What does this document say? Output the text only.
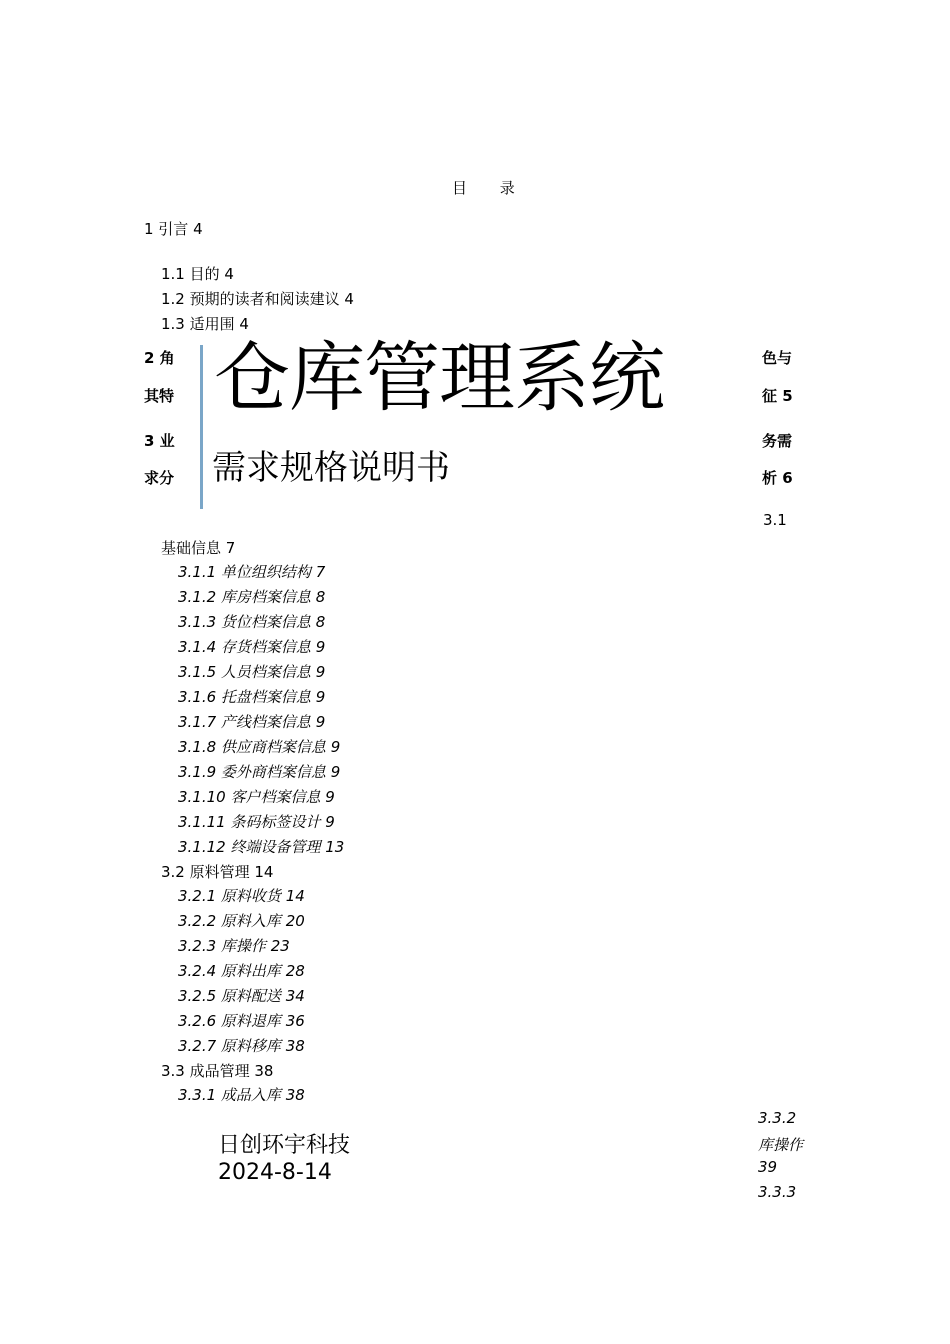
目 录
1 引言 4
1.1 目的 4
1.2 预期的读者和阅读建议 4
1.3 适用围 4
2 角
其特
3 业
求分
色与
征 5
务需
析 6
仓库管理系统
需求规格说明书
3.1
基础信息 7
3.1.1 单位组织结构 7
3.1.2 库房档案信息 8
3.1.3 货位档案信息 8
3.1.4 存货档案信息 9
3.1.5 人员档案信息 9
3.1.6 托盘档案信息 9
3.1.7 产线档案信息 9
3.1.8 供应商档案信息 9
3.1.9 委外商档案信息 9
3.1.10 客户档案信息 9
3.1.11 条码标签设计 9
3.1.12 终端设备管理 13
3.2 原料管理 14
3.2.1 原料收货 14
3.2.2 原料入库 20
3.2.3 库操作 23
3.2.4 原料出库 28
3.2.5 原料配送 34
3.2.6 原料退库 36
3.2.7 原料移库 38
3.3 成品管理 38
3.3.1 成品入库 38
3.3.2
库操作
39
3.3.3
日创环宇科技
2024-8-14
